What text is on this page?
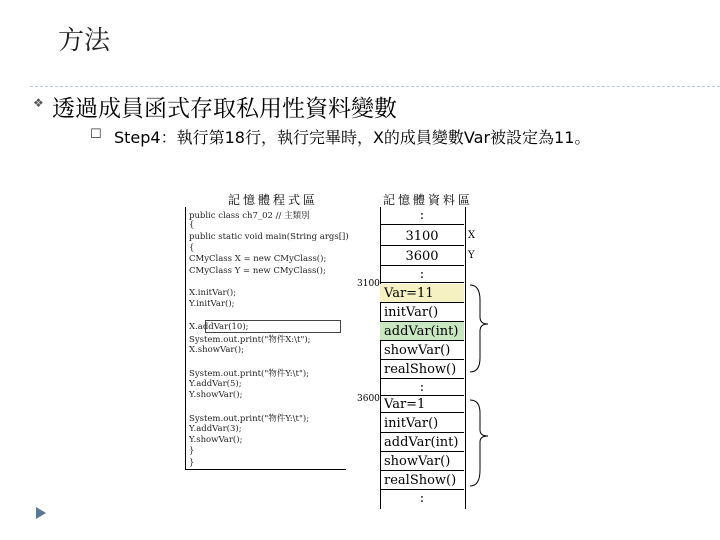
方法
❖ 透過成員函式存取私用性資料變數
☐ Step4：執行第18行，執行完畢時，X的成員變數Var被設定為11。
記憶體程式區	記憶體資料區
public class ch7_02 // 主類別
{
public static void main(String args[])
{
CMyClass X = new CMyClass();
CMyClass Y = new CMyClass();
X.initVar();
Y.initVar();
X.addVar(10);
System.out.print("物件X:\t");
X.showVar();
System.out.print("物件Y:\t");
Y.addVar(5);
Y.showVar();
System.out.print("物件Y:\t");
Y.addVar(3);
Y.showVar();
}
}
:
3100
3600
:
Var=11
initVar()
addVar(int)
showVar()
realShow()
:
Var=1
initVar()
addVar(int)
showVar()
realShow()
:
X
Y
3100
3600
